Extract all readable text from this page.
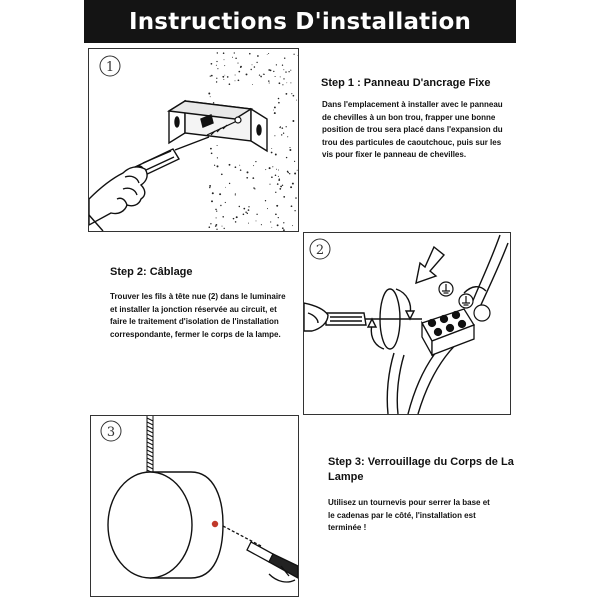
Instructions D'installation
1
Step 1 : Panneau D'ancrage Fixe
Dans l'emplacement à installer avec le panneau de chevilles à un bon trou, frapper une bonne position de trou sera placé dans l'expansion du trou des particules de caoutchouc, puis sur les vis pour fixer le panneau de chevilles.
Step 2: Câblage
Trouver les fils à tête nue (2) dans le luminaire et installer la jonction réservée au circuit, et faire le traitement d'isolation de l'installation correspondante, fermer le corps de la lampe.
2
3
Step 3: Verrouillage du Corps de La Lampe
Utilisez un tournevis pour serrer la base et le cadenas par le côté, l'installation est terminée !
